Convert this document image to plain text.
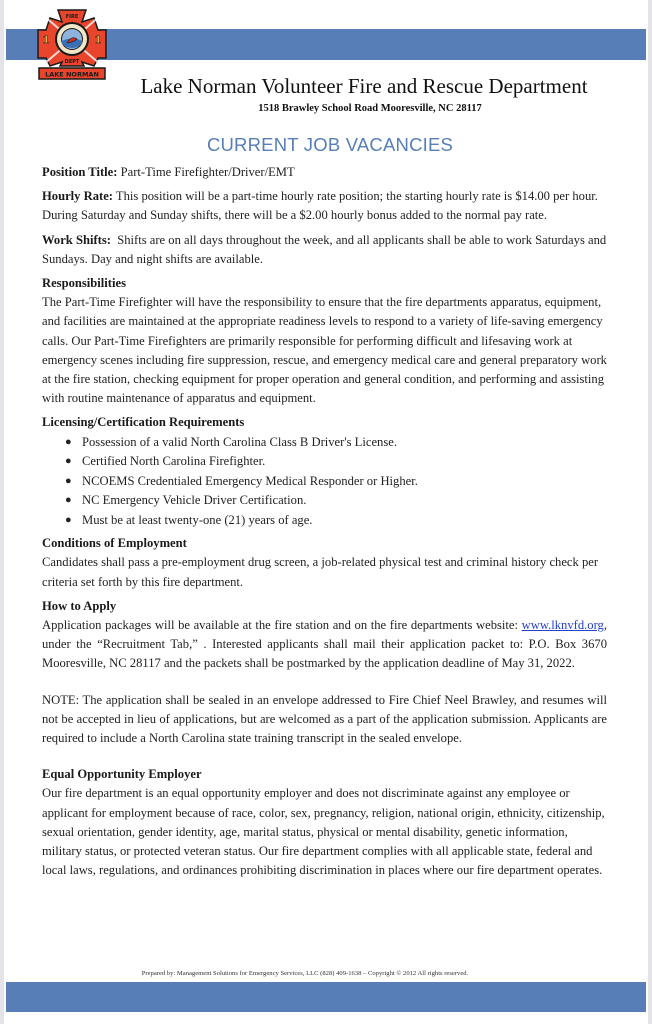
FIRE
DEPT
1	1
LAKE NORMAN	Lake Norman Volunteer Fire and Rescue Department
1518 Brawley School Road Mooresville, NC 28117
CURRENT JOB VACANCIES

Position Title: Part-Time Firefighter/Driver/EMT

Hourly Rate: This position will be a part-time hourly rate position; the starting hourly rate is $14.00 per hour. During Saturday and Sunday shifts, there will be a $2.00 hourly bonus added to the normal pay rate.

Work Shifts: Shifts are on all days throughout the week, and all applicants shall be able to work Saturdays and Sundays. Day and night shifts are available.

Responsibilities

The Part-Time Firefighter will have the responsibility to ensure that the fire departments apparatus, equipment, and facilities are maintained at the appropriate readiness levels to respond to a variety of life-saving emergency calls. Our Part-Time Firefighters are primarily responsible for performing difficult and lifesaving work at emergency scenes including fire suppression, rescue, and emergency medical care and general preparatory work at the fire station, checking equipment for proper operation and general condition, and performing and assisting with routine maintenance of apparatus and equipment.

Licensing/Certification Requirements
● Possession of a valid North Carolina Class B Driver's License.
● Certified North Carolina Firefighter.
● NCOEMS Credentialed Emergency Medical Responder or Higher.
● NC Emergency Vehicle Driver Certification.
● Must be at least twenty-one (21) years of age.
Conditions of Employment

Candidates shall pass a pre-employment drug screen, a job-related physical test and criminal history check per criteria set forth by this fire department.

How to Apply

Application packages will be available at the fire station and on the fire departments website: www.lknvfd.org, under the “Recruitment Tab,” . Interested applicants shall mail their application packet to: P.O. Box 3670 Mooresville, NC 28117 and the packets shall be postmarked by the application deadline of May 31, 2022.

NOTE: The application shall be sealed in an envelope addressed to Fire Chief Neel Brawley, and resumes will not be accepted in lieu of applications, but are welcomed as a part of the application submission. Applicants are required to include a North Carolina state training transcript in the sealed envelope.

Equal Opportunity Employer

Our fire department is an equal opportunity employer and does not discriminate against any employee or applicant for employment because of race, color, sex, pregnancy, religion, national origin, ethnicity, citizenship, sexual orientation, gender identity, age, marital status, physical or mental disability, genetic information, military status, or protected veteran status. Our fire department complies with all applicable state, federal and local laws, regulations, and ordinances prohibiting discrimination in places where our fire department operates.

Prepared by: Management Solutions for Emergency Services, LLC (828) 409-1638 – Copyright © 2012 All rights reserved.
